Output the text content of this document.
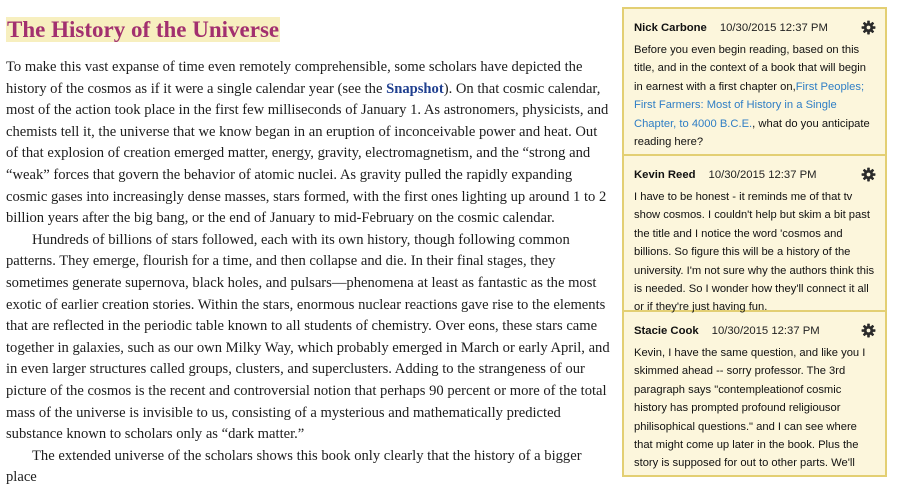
The History of the Universe

To make this vast expanse of time even remotely comprehensible, some scholars have depicted the history of the cosmos as if it were a single calendar year (see the Snapshot). On that cosmic calendar, most of the action took place in the first few milliseconds of January 1. As astronomers, physicists, and chemists tell it, the universe that we know began in an eruption of inconceivable power and heat. Out of that explosion of creation emerged matter, energy, gravity, electromagnetism, and the “strong and “weak” forces that govern the behavior of atomic nuclei. As gravity pulled the rapidly expanding cosmic gases into increasingly dense masses, stars formed, with the first ones lighting up around 1 to 2 billion years after the big bang, or the end of January to mid-February on the cosmic calendar.

Hundreds of billions of stars followed, each with its own history, though following common patterns. They emerge, flourish for a time, and then collapse and die. In their final stages, they sometimes generate supernova, black holes, and pulsars—phenomena at least as fantastic as the most exotic of earlier creation stories. Within the stars, enormous nuclear reactions gave rise to the elements that are reflected in the periodic table known to all students of chemistry. Over eons, these stars came together in galaxies, such as our own Milky Way, which probably emerged in March or early April, and in even larger structures called groups, clusters, and superclusters. Adding to the strangeness of our picture of the cosmos is the recent and controversial notion that perhaps 90 percent or more of the total mass of the universe is invisible to us, consisting of a mysterious and mathematically predicted substance known to scholars only as “dark matter.”

The extended universe of the scholars shows this book only clearly that the history of a bigger place

Nick Carbone 10/30/2015 12:37 PM

Before you even begin reading, based on this title, and in the context of a book that will begin in earnest with a first chapter on,First Peoples; First Farmers: Most of History in a Single Chapter, to 4000 B.C.E., what do you anticipate reading here?

Kevin Reed 10/30/2015 12:37 PM

I have to be honest - it reminds me of that tv show cosmos. I couldn't help but skim a bit past the title and I notice the word 'cosmos and billions. So figure this will be a history of the university. I'm not sure why the authors think this is needed. So I wonder how they'll connect it all or if they're just having fun.

Stacie Cook 10/30/2015 12:37 PM

Kevin, I have the same question, and like you I skimmed ahead -- sorry professor. The 3rd paragraph says "contempleationof cosmic history has prompted profound religiousor philisophical questions." and I can see where that might come up later in the book. Plus the story is supposed for out to other parts. We'll
